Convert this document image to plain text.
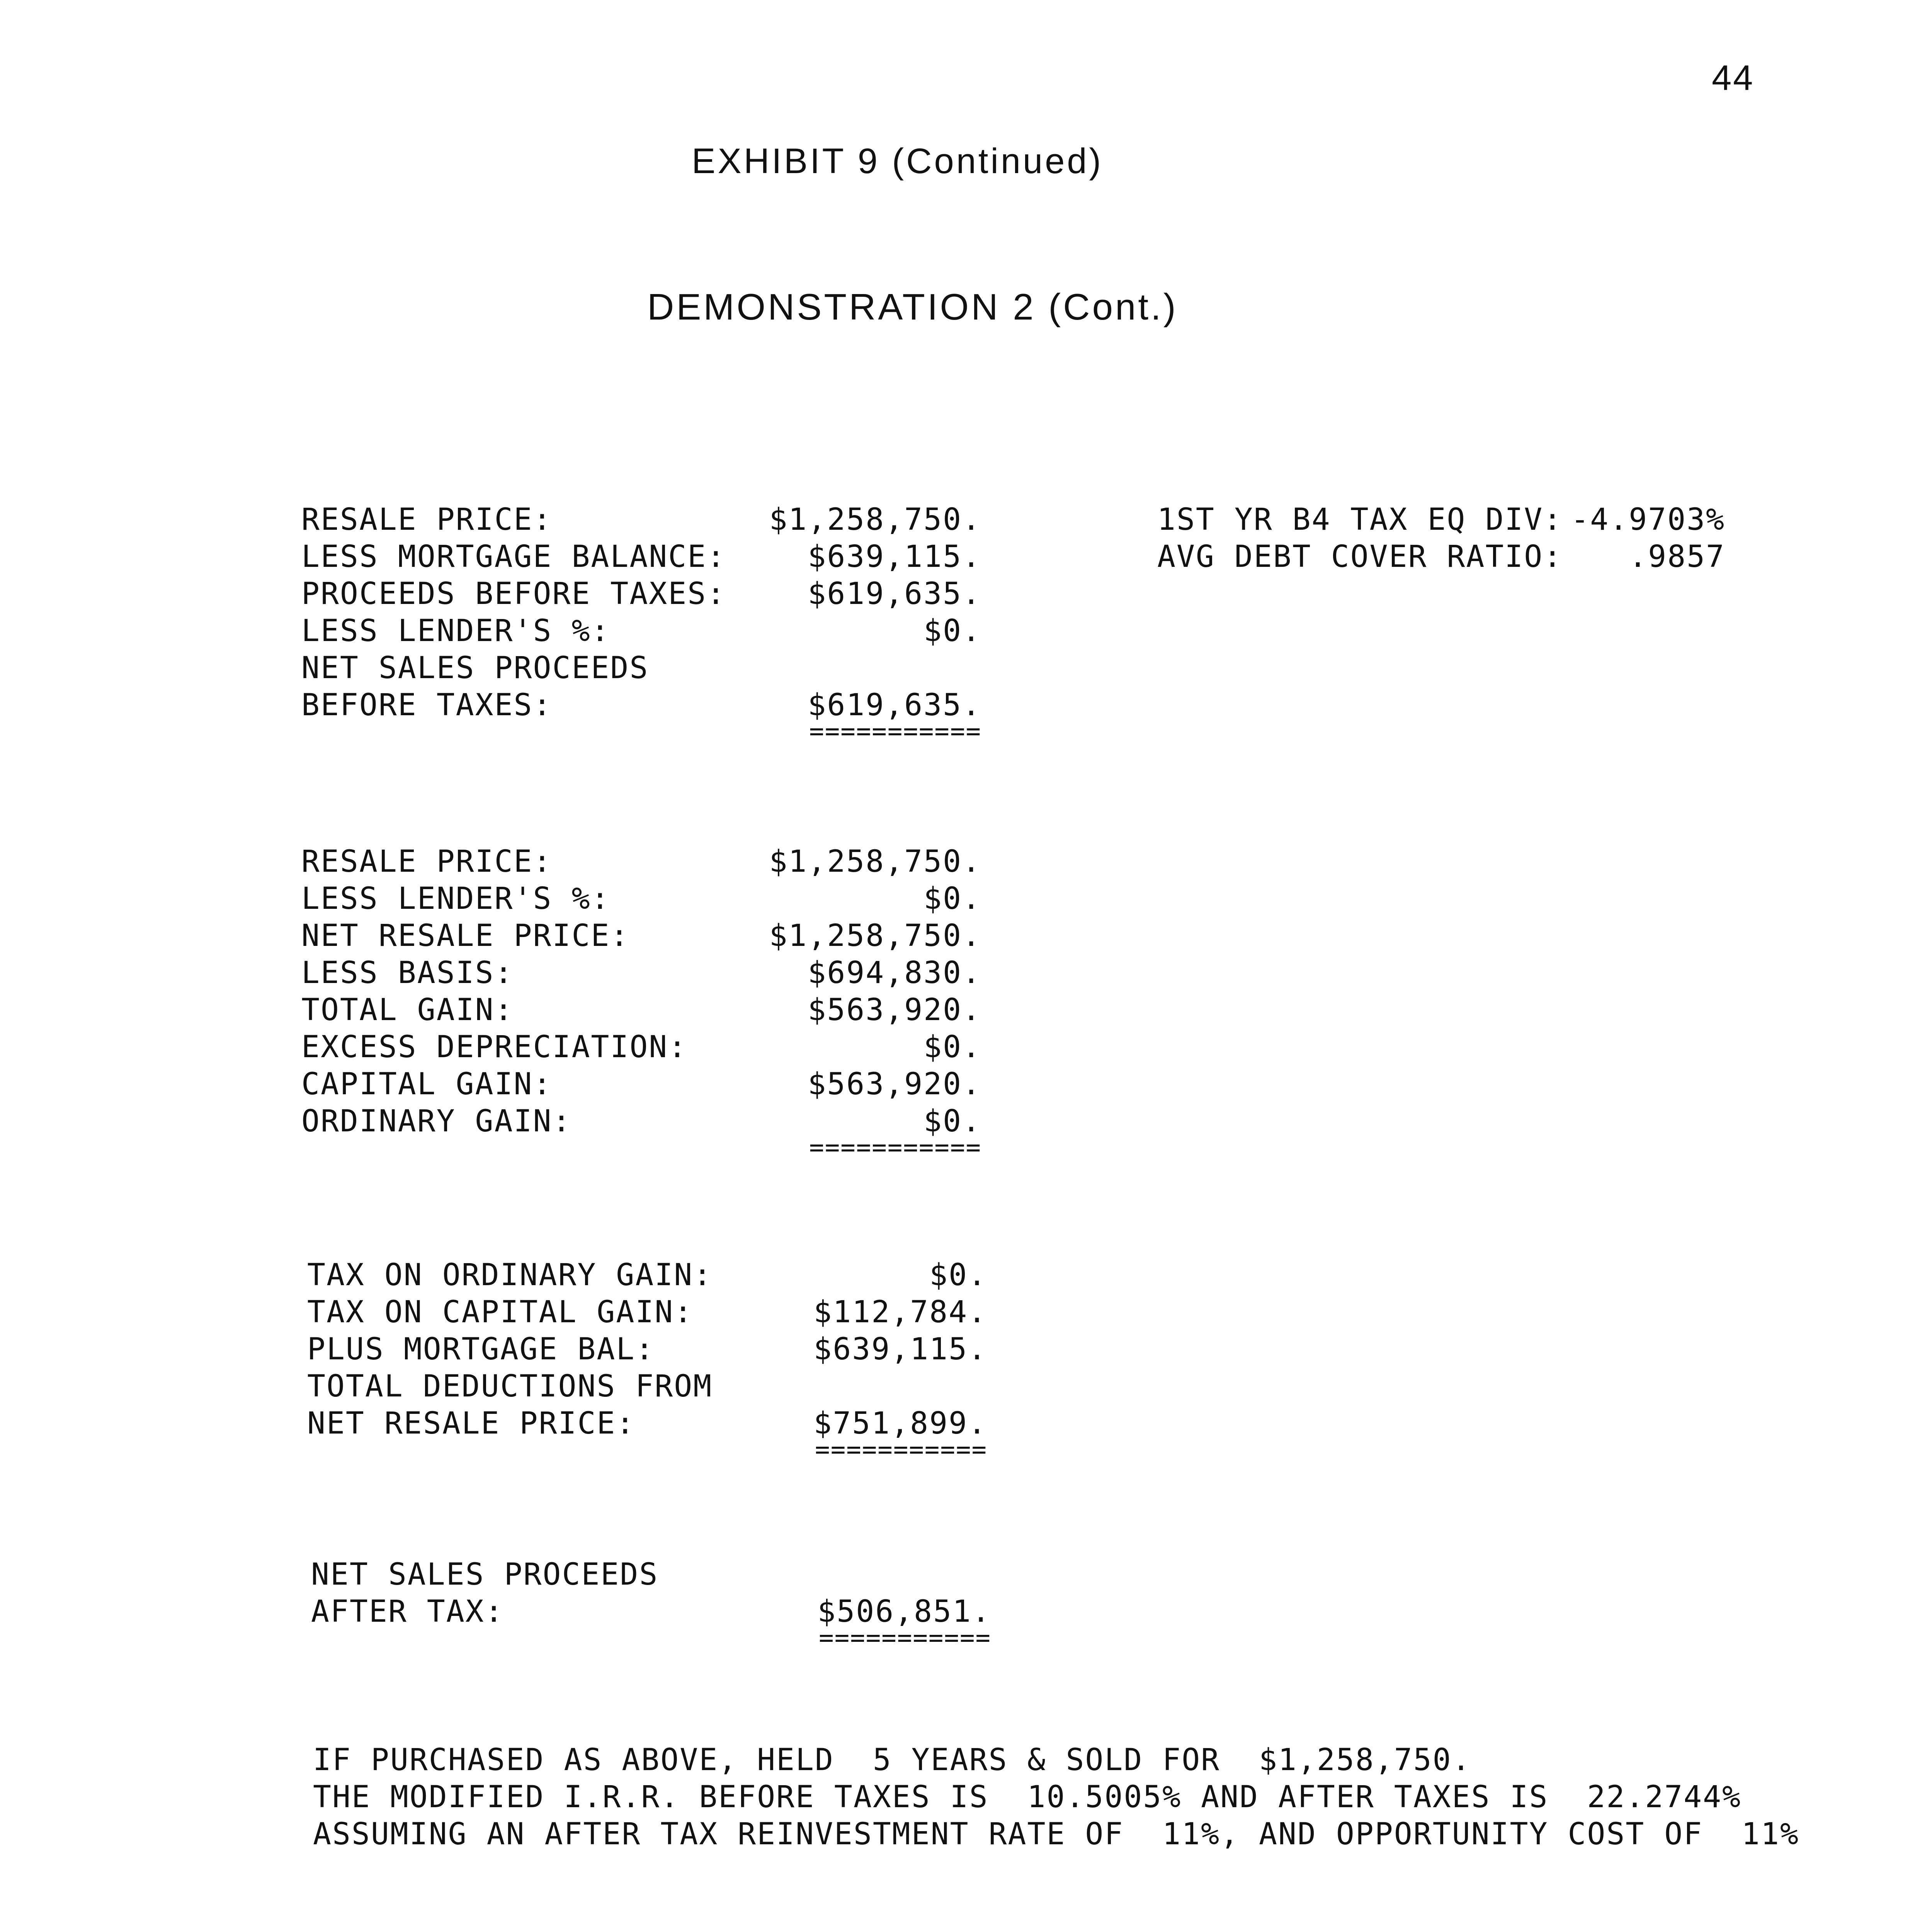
44
EXHIBIT 9 (Continued)
DEMONSTRATION 2 (Cont.)
1ST YR B4 TAX EQ DIV: -4.9703%
AVG DEBT COVER RATIO: .9857
RESALE PRICE:	$1,258,750.
LESS MORTGAGE BALANCE:	$639,115.
PROCEEDS BEFORE TAXES:	$619,635.
LESS LENDER'S %:	$0.
NET SALES PROCEEDS
BEFORE TAXES:	$619,635.
===========
RESALE PRICE:	$1,258,750.
LESS LENDER'S %:	$0.
NET RESALE PRICE:	$1,258,750.
LESS BASIS:	$694,830.
TOTAL GAIN:	$563,920.
EXCESS DEPRECIATION:	$0.
CAPITAL GAIN:	$563,920.
ORDINARY GAIN:	$0.
===========
TAX ON ORDINARY GAIN:	$0.
TAX ON CAPITAL GAIN:	$112,784.
PLUS MORTGAGE BAL:	$639,115.
TOTAL DEDUCTIONS FROM
NET RESALE PRICE:	$751,899.
===========
NET SALES PROCEEDS
AFTER TAX:	$506,851.
===========
IF PURCHASED AS ABOVE, HELD  5 YEARS & SOLD FOR  $1,258,750.
THE MODIFIED I.R.R. BEFORE TAXES IS  10.5005% AND AFTER TAXES IS  22.2744%
ASSUMING AN AFTER TAX REINVESTMENT RATE OF  11%, AND OPPORTUNITY COST OF  11%
